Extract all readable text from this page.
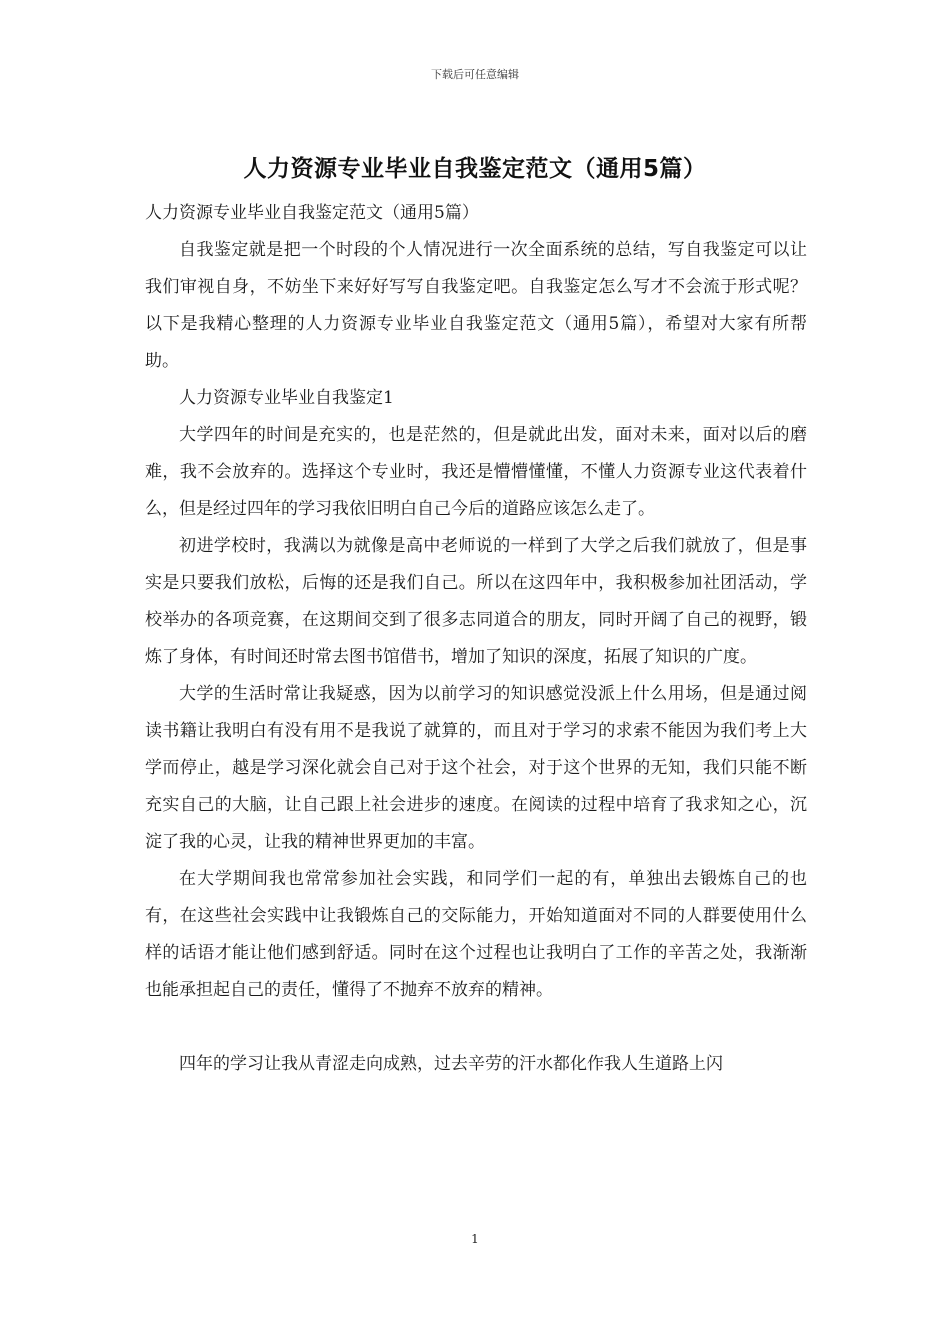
下载后可任意编辑
人力资源专业毕业自我鉴定范文（通用5篇）

人力资源专业毕业自我鉴定范文（通用5篇）

自我鉴定就是把一个时段的个人情况进行一次全面系统的总结，写自我鉴定可以让我们审视自身，不妨坐下来好好写写自我鉴定吧。自我鉴定怎么写才不会流于形式呢？以下是我精心整理的人力资源专业毕业自我鉴定范文（通用5篇），希望对大家有所帮助。

人力资源专业毕业自我鉴定1

大学四年的时间是充实的，也是茫然的，但是就此出发，面对未来，面对以后的磨难，我不会放弃的。选择这个专业时，我还是懵懵懂懂，不懂人力资源专业这代表着什么，但是经过四年的学习我依旧明白自己今后的道路应该怎么走了。

初进学校时，我满以为就像是高中老师说的一样到了大学之后我们就放了，但是事实是只要我们放松，后悔的还是我们自己。所以在这四年中，我积极参加社团活动，学校举办的各项竞赛，在这期间交到了很多志同道合的朋友，同时开阔了自己的视野，锻炼了身体，有时间还时常去图书馆借书，增加了知识的深度，拓展了知识的广度。

大学的生活时常让我疑惑，因为以前学习的知识感觉没派上什么用场，但是通过阅读书籍让我明白有没有用不是我说了就算的，而且对于学习的求索不能因为我们考上大学而停止，越是学习深化就会自己对于这个社会，对于这个世界的无知，我们只能不断充实自己的大脑，让自己跟上社会进步的速度。在阅读的过程中培育了我求知之心，沉淀了我的心灵，让我的精神世界更加的丰富。

在大学期间我也常常参加社会实践，和同学们一起的有，单独出去锻炼自己的也有，在这些社会实践中让我锻炼自己的交际能力，开始知道面对不同的人群要使用什么样的话语才能让他们感到舒适。同时在这个过程也让我明白了工作的辛苦之处，我渐渐也能承担起自己的责任，懂得了不抛弃不放弃的精神。

四年的学习让我从青涩走向成熟，过去辛劳的汗水都化作我人生道路上闪

1
